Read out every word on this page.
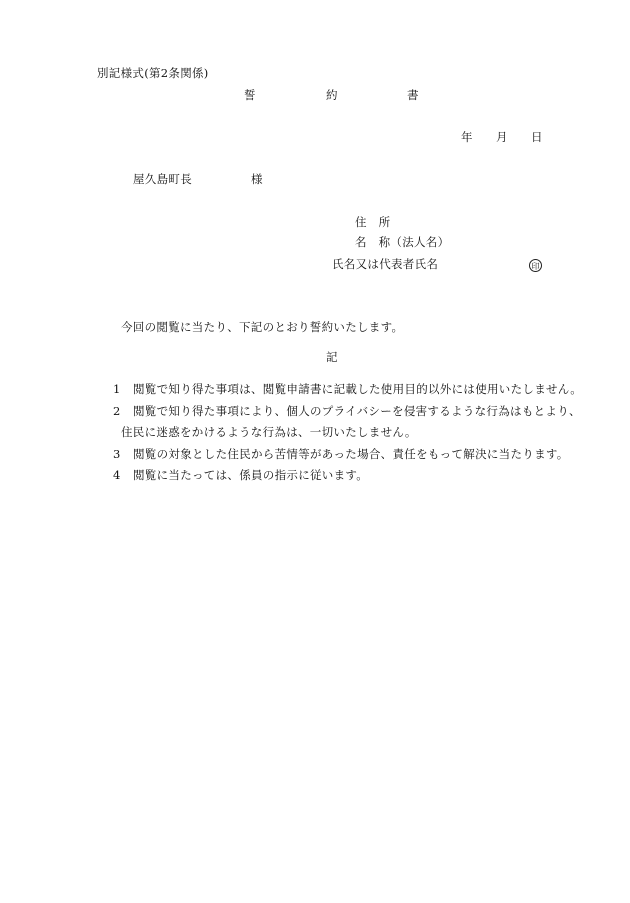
別記様式(第2条関係)
誓	約	書
年 月 日
屋久島町長	様
住　所
名　称（法人名）
氏名又は代表者氏名	印
今回の閲覧に当たり、下記のとおり誓約いたします。
記
1 閲覧で知り得た事項は、閲覧申請書に記載した使用目的以外には使用いたしません。
2 閲覧で知り得た事項により、個人のプライバシーを侵害するような行為はもとより、
住民に迷惑をかけるような行為は、一切いたしません。
3 閲覧の対象とした住民から苦情等があった場合、責任をもって解決に当たります。
4 閲覧に当たっては、係員の指示に従います。
